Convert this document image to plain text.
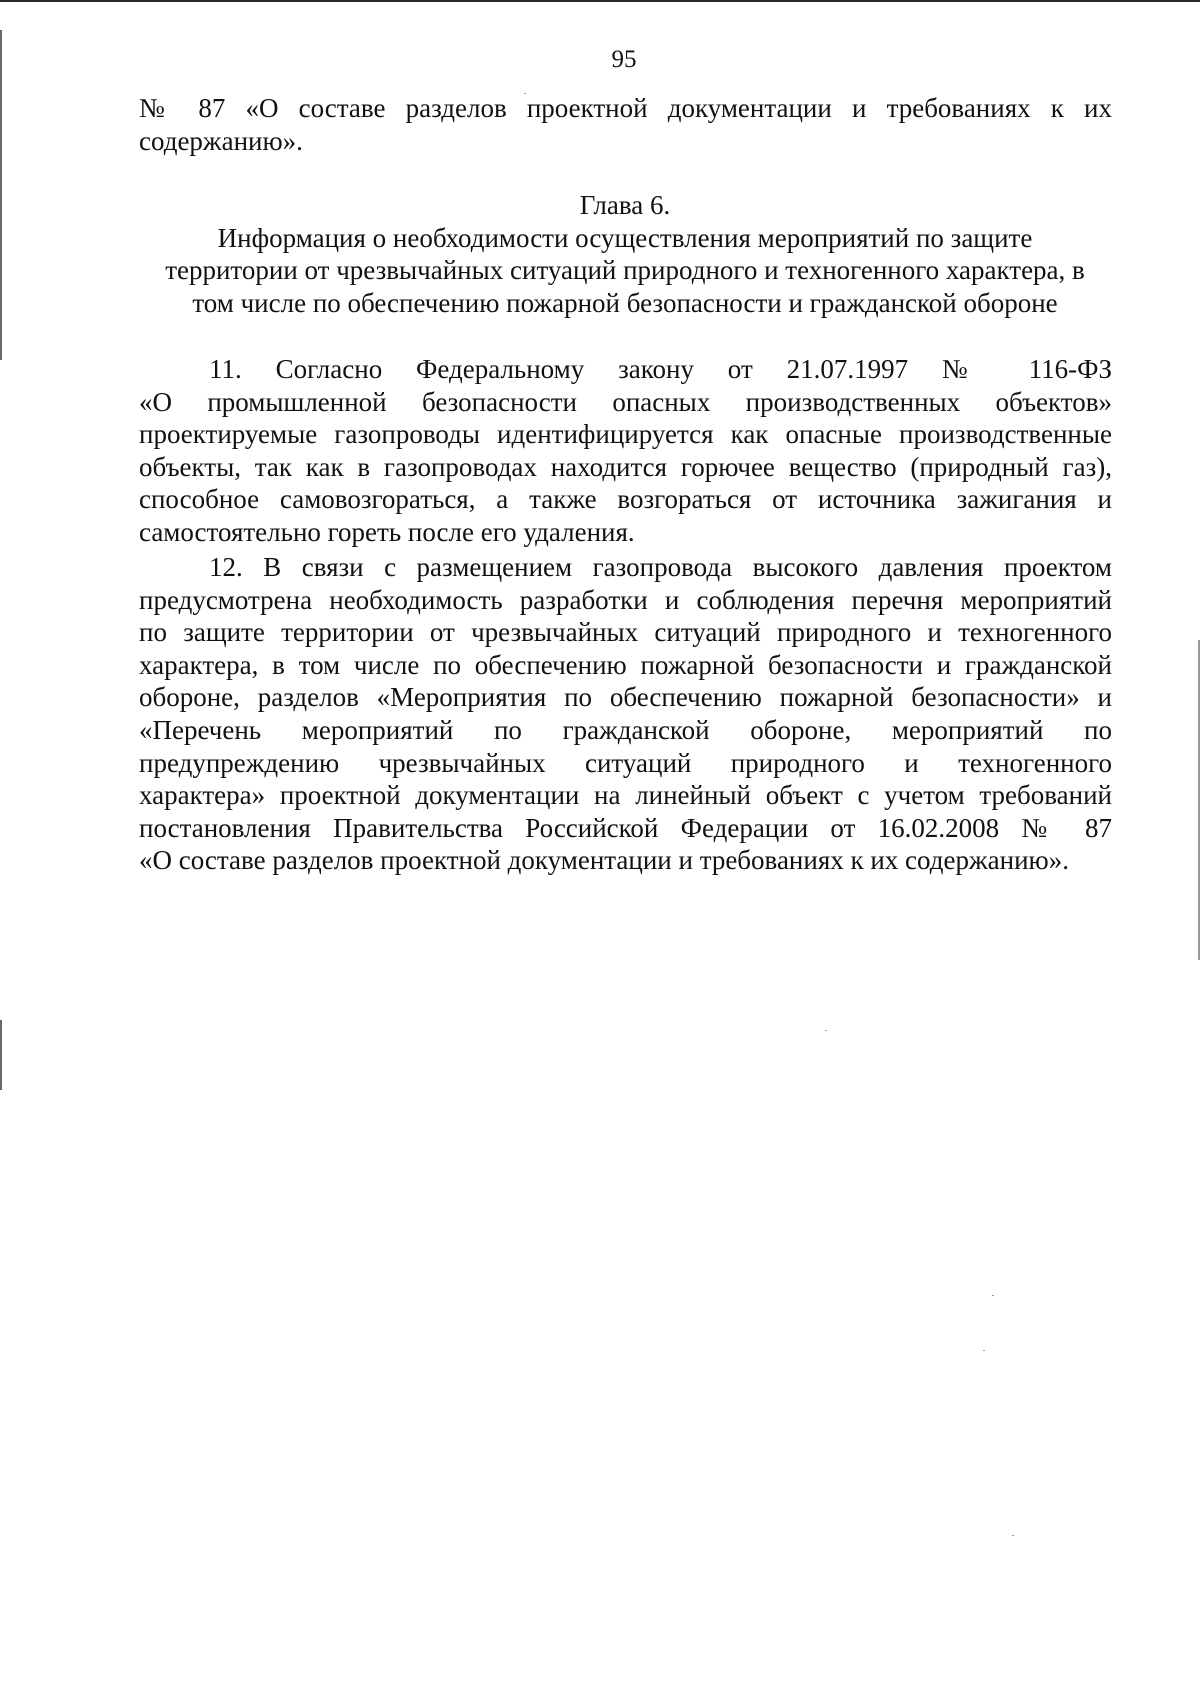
95
№ 87 «О составе разделов проектной документации и требованиях к их
содержанию».
Глава 6.
Информация о необходимости осуществления мероприятий по защите
территории от чрезвычайных ситуаций природного и техногенного характера, в
том числе по обеспечению пожарной безопасности и гражданской обороне
11. Согласно Федеральному закону от 21.07.1997 № 116-ФЗ
«О промышленной безопасности опасных производственных объектов»
проектируемые газопроводы идентифицируется как опасные производственные
объекты, так как в газопроводах находится горючее вещество (природный газ),
способное самовозгораться, а также возгораться от источника зажигания и
самостоятельно гореть после его удаления.
12. В связи с размещением газопровода высокого давления проектом
предусмотрена необходимость разработки и соблюдения перечня мероприятий
по защите территории от чрезвычайных ситуаций природного и техногенного
характера, в том числе по обеспечению пожарной безопасности и гражданской
обороне, разделов «Мероприятия по обеспечению пожарной безопасности» и
«Перечень мероприятий по гражданской обороне, мероприятий по
предупреждению чрезвычайных ситуаций природного и техногенного
характера» проектной документации на линейный объект с учетом требований
постановления Правительства Российской Федерации от 16.02.2008 № 87
«О составе разделов проектной документации и требованиях к их содержанию».
